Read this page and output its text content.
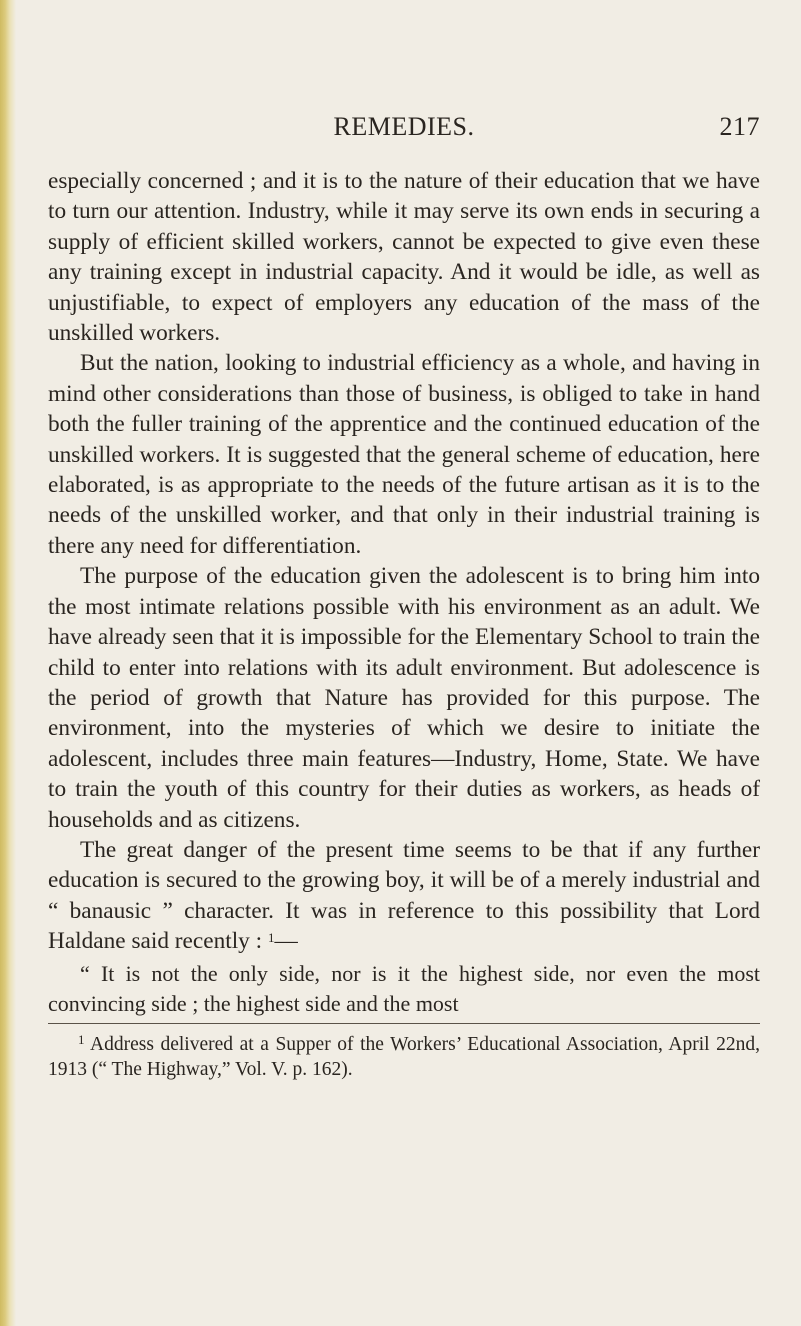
REMEDIES.	217

especially concerned ; and it is to the nature of their education that we have to turn our attention. Industry, while it may serve its own ends in securing a supply of efficient skilled workers, cannot be expected to give even these any training except in industrial capacity. And it would be idle, as well as unjustifiable, to expect of employers any education of the mass of the unskilled workers.

But the nation, looking to industrial efficiency as a whole, and having in mind other considerations than those of business, is obliged to take in hand both the fuller training of the apprentice and the continued education of the unskilled workers. It is suggested that the general scheme of education, here elaborated, is as appropriate to the needs of the future artisan as it is to the needs of the unskilled worker, and that only in their industrial training is there any need for differentiation.

The purpose of the education given the adolescent is to bring him into the most intimate relations possible with his environment as an adult. We have already seen that it is impossible for the Elementary School to train the child to enter into relations with its adult environment. But adolescence is the period of growth that Nature has provided for this purpose. The environment, into the mysteries of which we desire to initiate the adolescent, includes three main features—Industry, Home, State. We have to train the youth of this country for their duties as workers, as heads of households and as citizens.

The great danger of the present time seems to be that if any further education is secured to the growing boy, it will be of a merely industrial and “ banausic ” character. It was in reference to this possibility that Lord Haldane said recently : $^1$—

“ It is not the only side, nor is it the highest side, nor even the most convincing side ; the highest side and the most

$^1$ Address delivered at a Supper of the Workers’ Educational Association, April 22nd, 1913 (“ The Highway,” Vol. V. p. 162).
